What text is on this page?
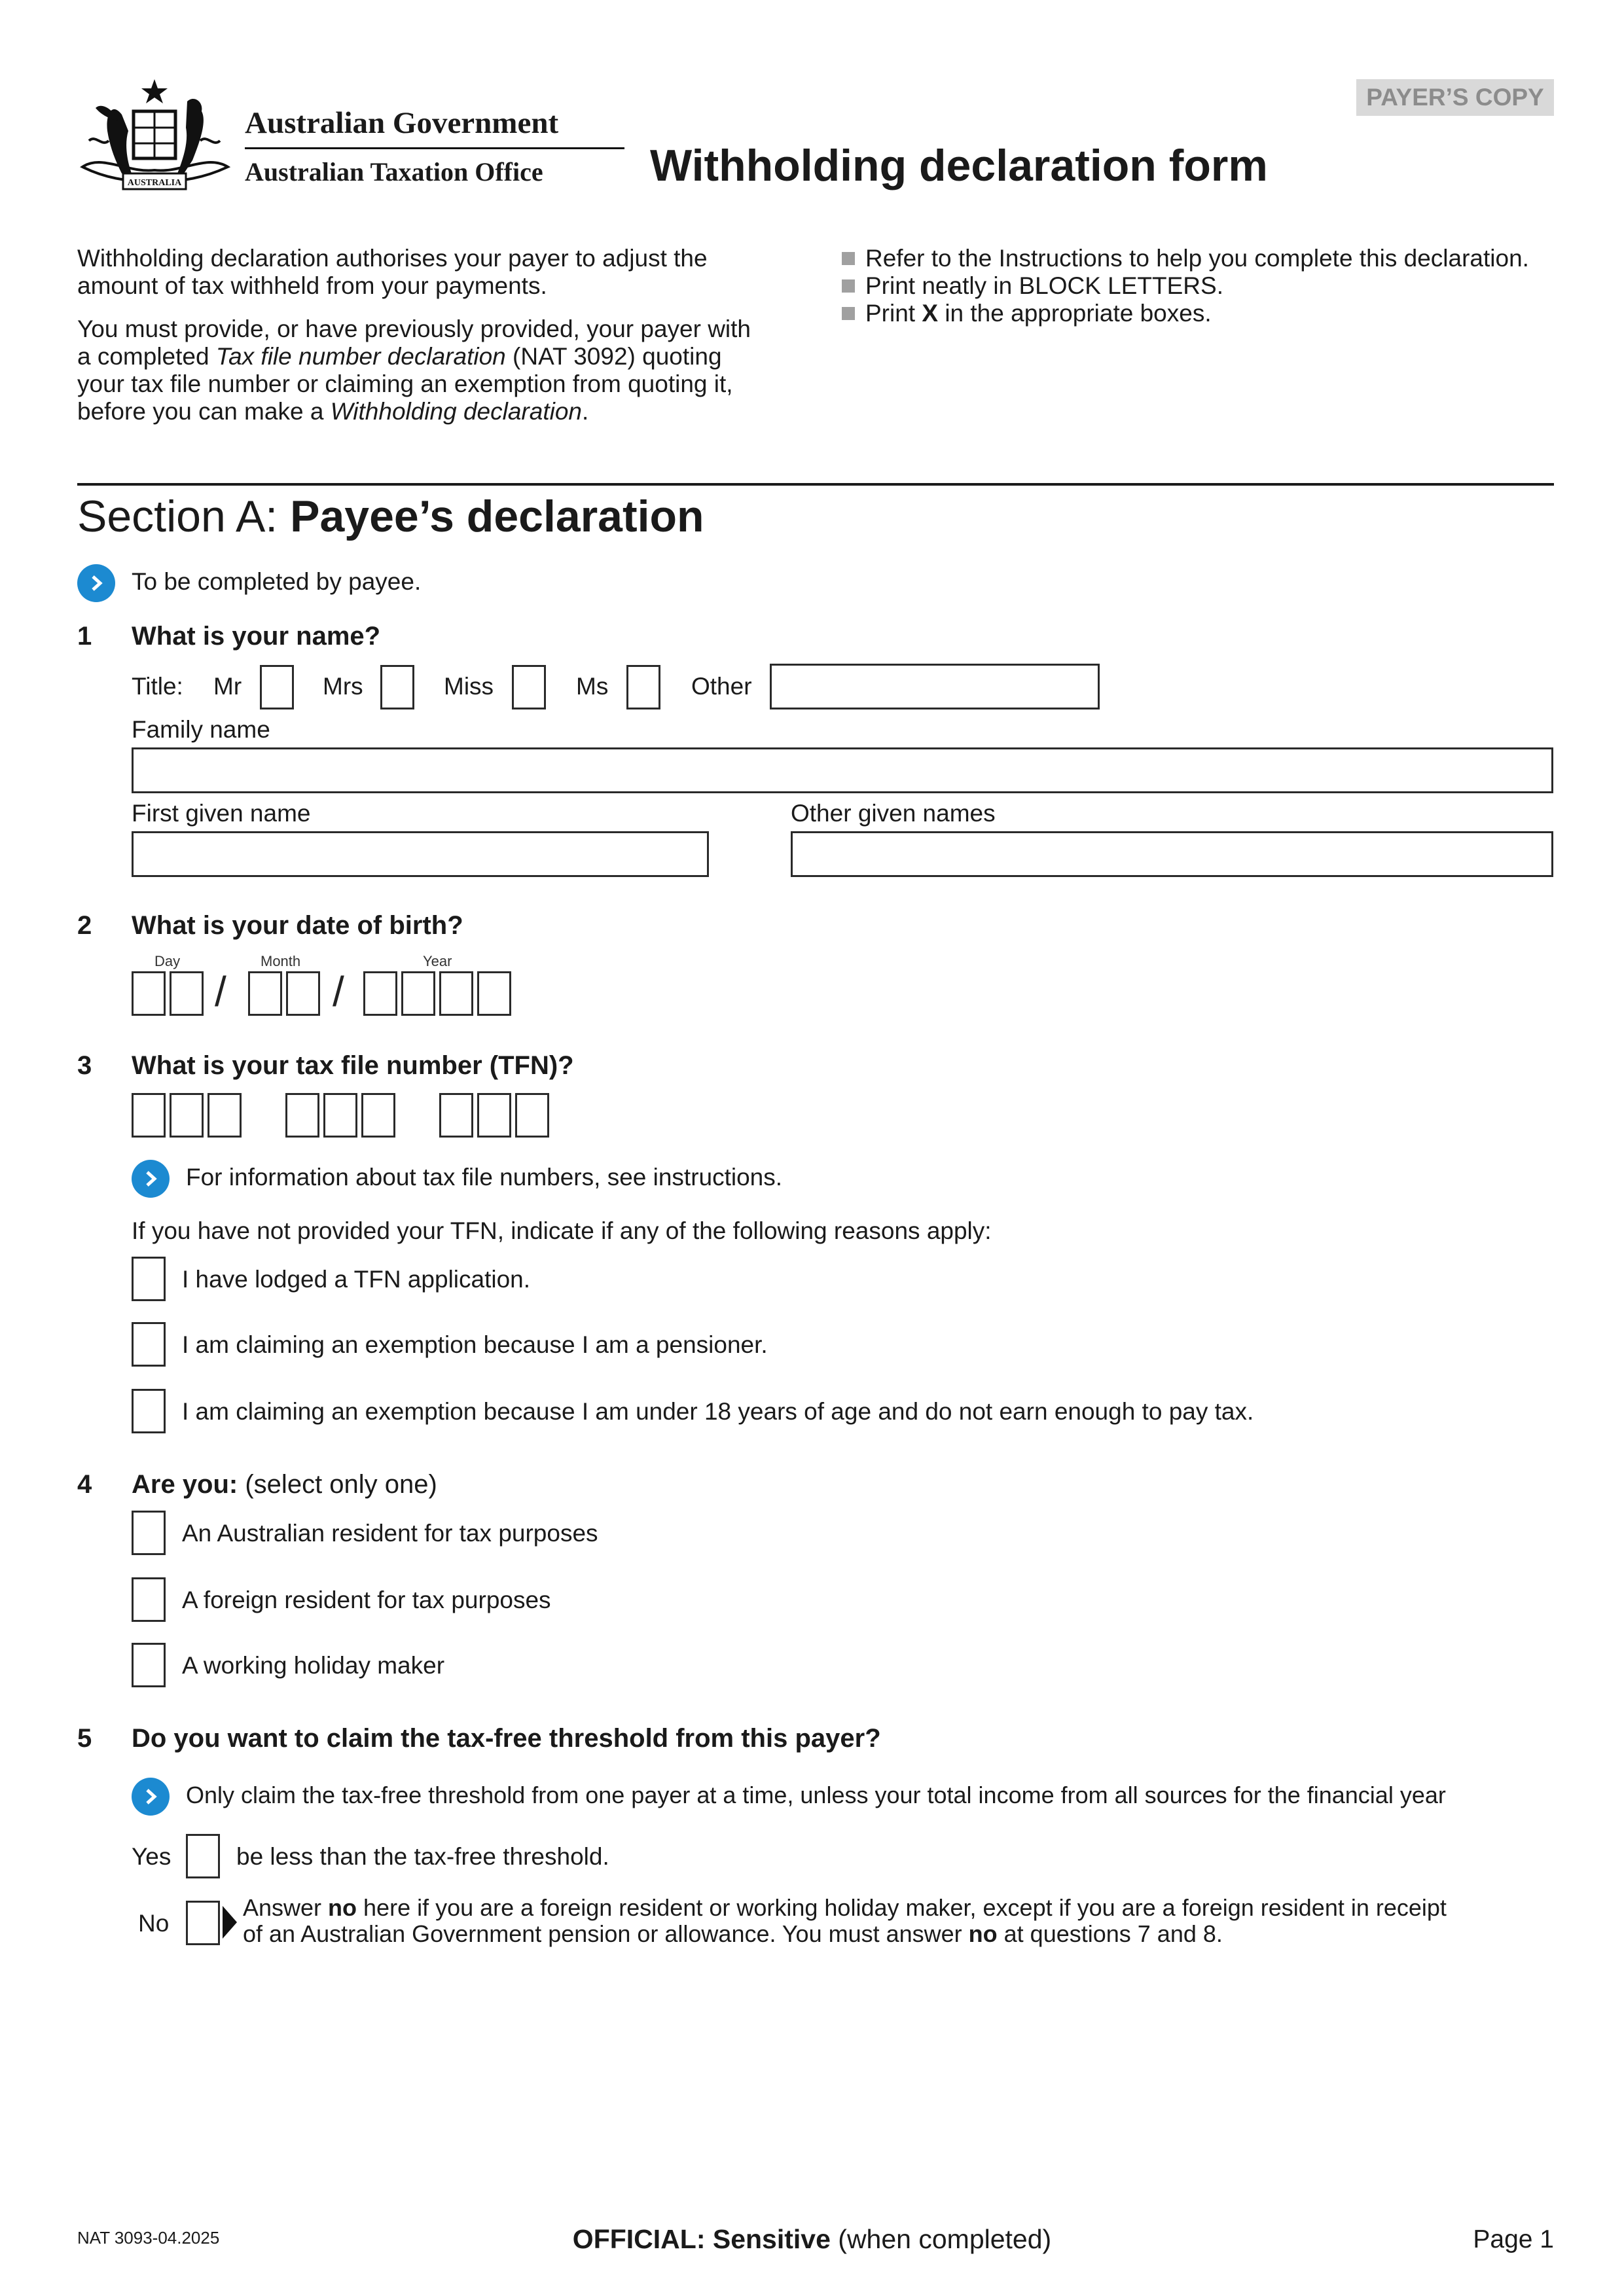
AUSTRALIA
Australian Government
Australian Taxation Office
PAYER’S COPY
Withholding declaration form
Withholding declaration authorises your payer to adjust the
amount of tax withheld from your payments.
You must provide, or have previously provided, your payer with
a completed Tax file number declaration (NAT 3092) quoting
your tax file number or claiming an exemption from quoting it,
before you can make a Withholding declaration.
Refer to the Instructions to help you complete this declaration.
Print neatly in BLOCK LETTERS.
Print X in the appropriate boxes.
Section A: Payee’s declaration
To be completed by payee.
1 What is your name?
Title: Mr	Mrs	Miss	Ms	Other
Family name
First given name	Other given names
2 What is your date of birth?
Day	Month	Year
/	/
3 What is your tax file number (TFN)?
For information about tax file numbers, see instructions.
If you have not provided your TFN, indicate if any of the following reasons apply:
I have lodged a TFN application.
I am claiming an exemption because I am a pensioner.
I am claiming an exemption because I am under 18 years of age and do not earn enough to pay tax.
4 Are you: (select only one)
An Australian resident for tax purposes
A foreign resident for tax purposes
A working holiday maker
5 Do you want to claim the tax-free threshold from this payer?
Only claim the tax-free threshold from one payer at a time, unless your total income from all sources for the financial year
Yes	be less than the tax-free threshold.
No
Answer no here if you are a foreign resident or working holiday maker, except if you are a foreign resident in receipt
of an Australian Government pension or allowance. You must answer no at questions 7 and 8.
NAT 3093-04.2025	OFFICIAL: Sensitive (when completed)	Page 1
